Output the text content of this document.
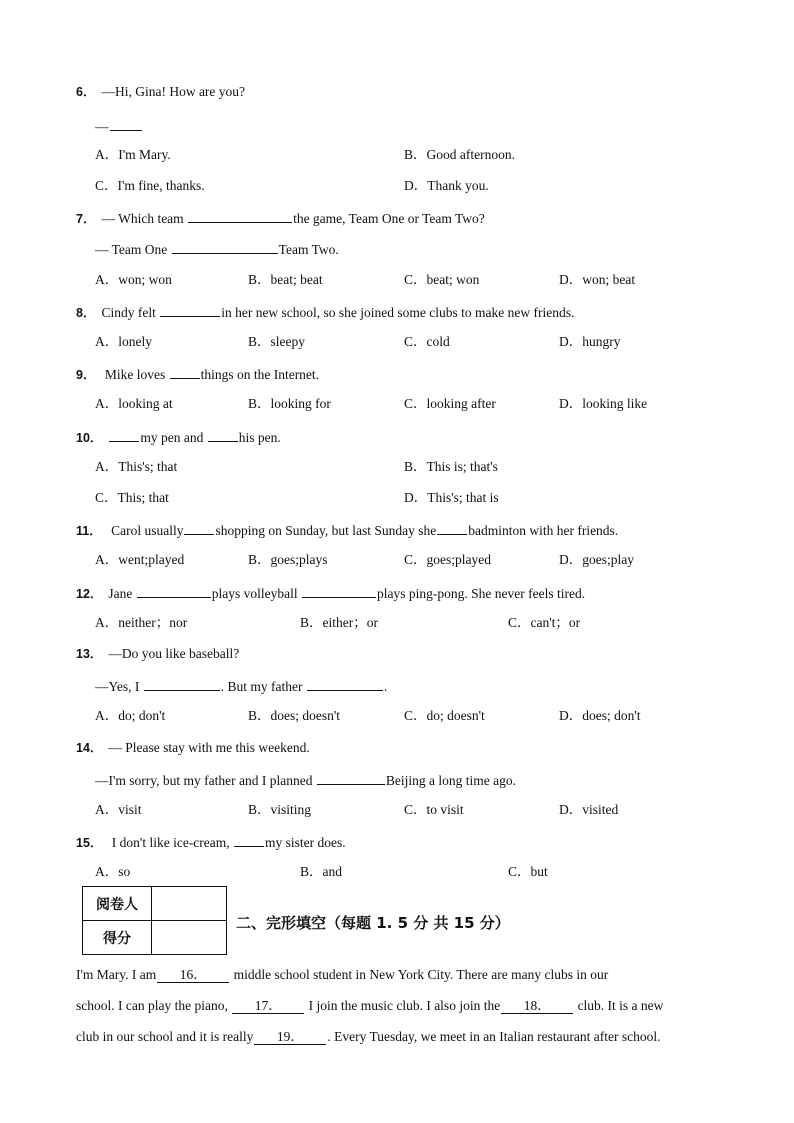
6． —Hi, Gina! How are you?
—
A．I'm Mary.	B．Good afternoon.
C．I'm fine, thanks.	D．Thank you.
7． — Which team	the game, Team One or Team Two?
— Team One	Team Two.
A．won; won	B．beat; beat	C．beat; won	D．won; beat
8． Cindy felt	in her new school, so she joined some clubs to make new friends.
A．lonely	B．sleepy	C．cold	D．hungry
9． Mike loves things on the Internet.
A．looking at	B．looking for	C．looking after	D．looking like
10．	my pen and his pen.
A．This's; that	B．This is; that's
C．This; that	D．This's; that is
11． Carol usually shopping on Sunday, but last Sunday she badminton with her friends.
A．went;played	B．goes;plays	C．goes;played	D．goes;play
12． Jane	plays volleyball	plays ping-pong. She never feels tired.
A．neither；nor	B．either；or	C．can't；or
13． —Do you like baseball?
—Yes, I	. But my father	.
A．do; don't	B．does; doesn't	C．do; doesn't	D．does; don't
14． — Please stay with me this weekend.
—I'm sorry, but my father and I planned	Beijing a long time ago.
A．visit	B．visiting	C．to visit	D．visited
15． I don't like ice-cream, my sister does.
A．so	B．and	C．but
阅卷人	
得分	
二、完形填空（每题 1. 5 分 共 15 分）
I'm Mary. I am 16． middle school student in New York City. There are many clubs in our
school. I can play the piano, 17． I join the music club. I also join the 18． club. It is a new
club in our school and it is really 19． . Every Tuesday, we meet in an Italian restaurant after school.
